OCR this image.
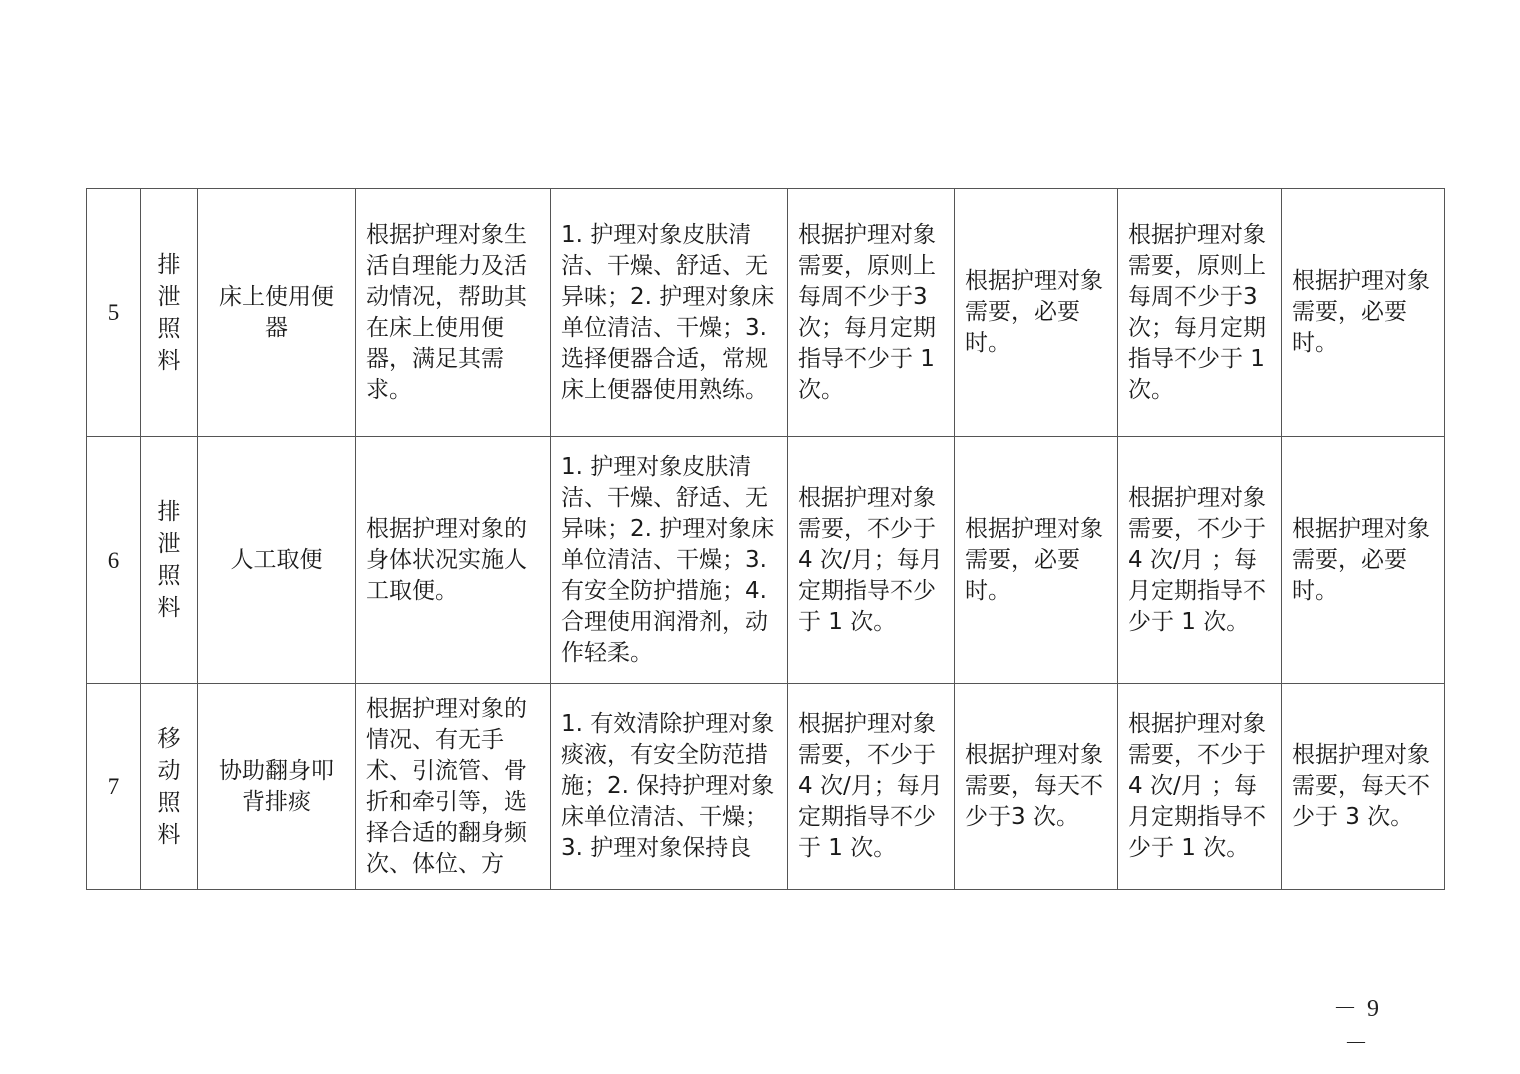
5	排泄照料	床上使用便器	根据护理对象生活自理能力及活动情况，帮助其在床上使用便器，满足其需求。	1. 护理对象皮肤清洁、干燥、舒适、无异味；2. 护理对象床单位清洁、干燥；3.选择便器合适，常规床上便器使用熟练。	根据护理对象需要，原则上每周不少于3 次；每月定期指导不少于 1 次。	根据护理对象需要，必要时。	根据护理对象需要，原则上每周不少于3 次；每月定期指导不少于 1 次。	根据护理对象需要，必要时。
6	排泄照料	人工取便	根据护理对象的身体状况实施人工取便。	1. 护理对象皮肤清洁、干燥、舒适、无异味；2. 护理对象床单位清洁、干燥；3.有安全防护措施；4.合理使用润滑剂，动作轻柔。	根据护理对象需要，不少于4 次/月；每月定期指导不少于 1 次。	根据护理对象需要，必要时。	根据护理对象需要，不少于 4 次/月 ；每月定期指导不少于 1 次。	根据护理对象需要，必要时。
7	移动照料	协助翻身叩背排痰	根据护理对象的情况、有无手术、引流管、骨折和牵引等，选择合适的翻身频次、体位、方	1. 有效清除护理对象痰液，有安全防范措施；2. 保持护理对象床单位清洁、干燥；3. 护理对象保持良	根据护理对象需要，不少于4 次/月；每月定期指导不少于 1 次。	根据护理对象需要，每天不少于3 次。	根据护理对象需要，不少于 4 次/月 ；每月定期指导不少于 1 次。	根据护理对象需要，每天不少于 3 次。
－ 9 －
